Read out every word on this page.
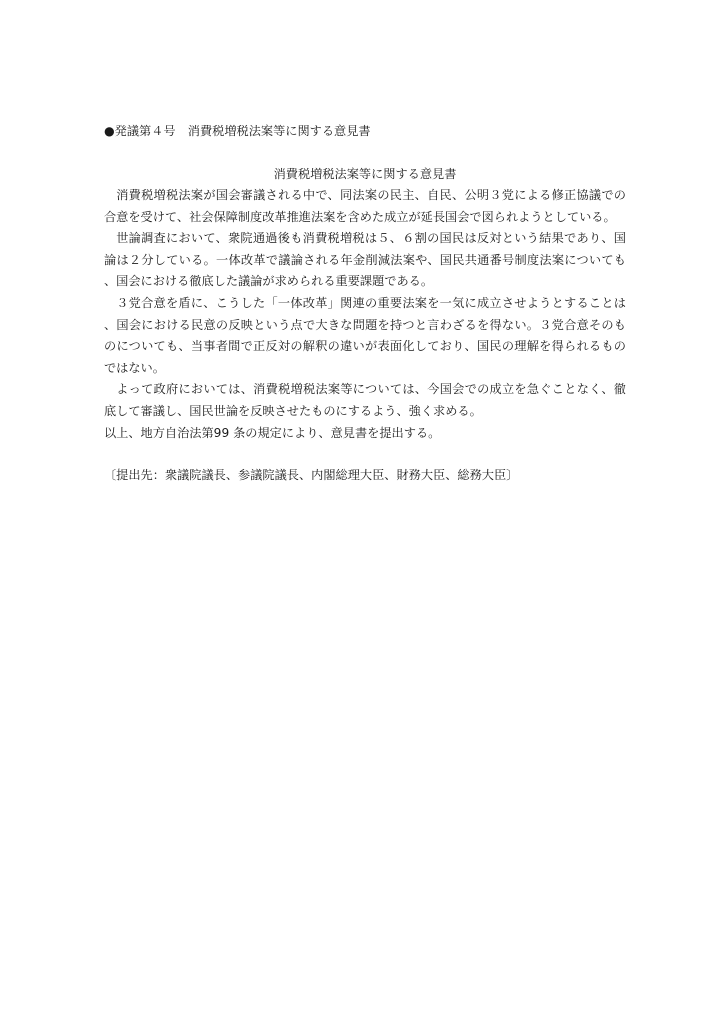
●発議第４号　消費税増税法案等に関する意見書

消費税増税法案等に関する意見書

消費税増税法案が国会審議される中で、同法案の民主、自民、公明３党による修正協議での合意を受けて、社会保障制度改革推進法案を含めた成立が延長国会で図られようとしている。

世論調査において、衆院通過後も消費税増税は５、６割の国民は反対という結果であり、国論は２分している。一体改革で議論される年金削減法案や、国民共通番号制度法案についても、国会における徹底した議論が求められる重要課題である。

３党合意を盾に、こうした「一体改革」関連の重要法案を一気に成立させようとすることは、国会における民意の反映という点で大きな問題を持つと言わざるを得ない。３党合意そのものについても、当事者間で正反対の解釈の違いが表面化しており、国民の理解を得られるものではない。

よって政府においては、消費税増税法案等については、今国会での成立を急ぐことなく、徹底して審議し、国民世論を反映させたものにするよう、強く求める。

以上、地方自治法第99 条の規定により、意見書を提出する。

〔提出先：衆議院議長、参議院議長、内閣総理大臣、財務大臣、総務大臣〕
